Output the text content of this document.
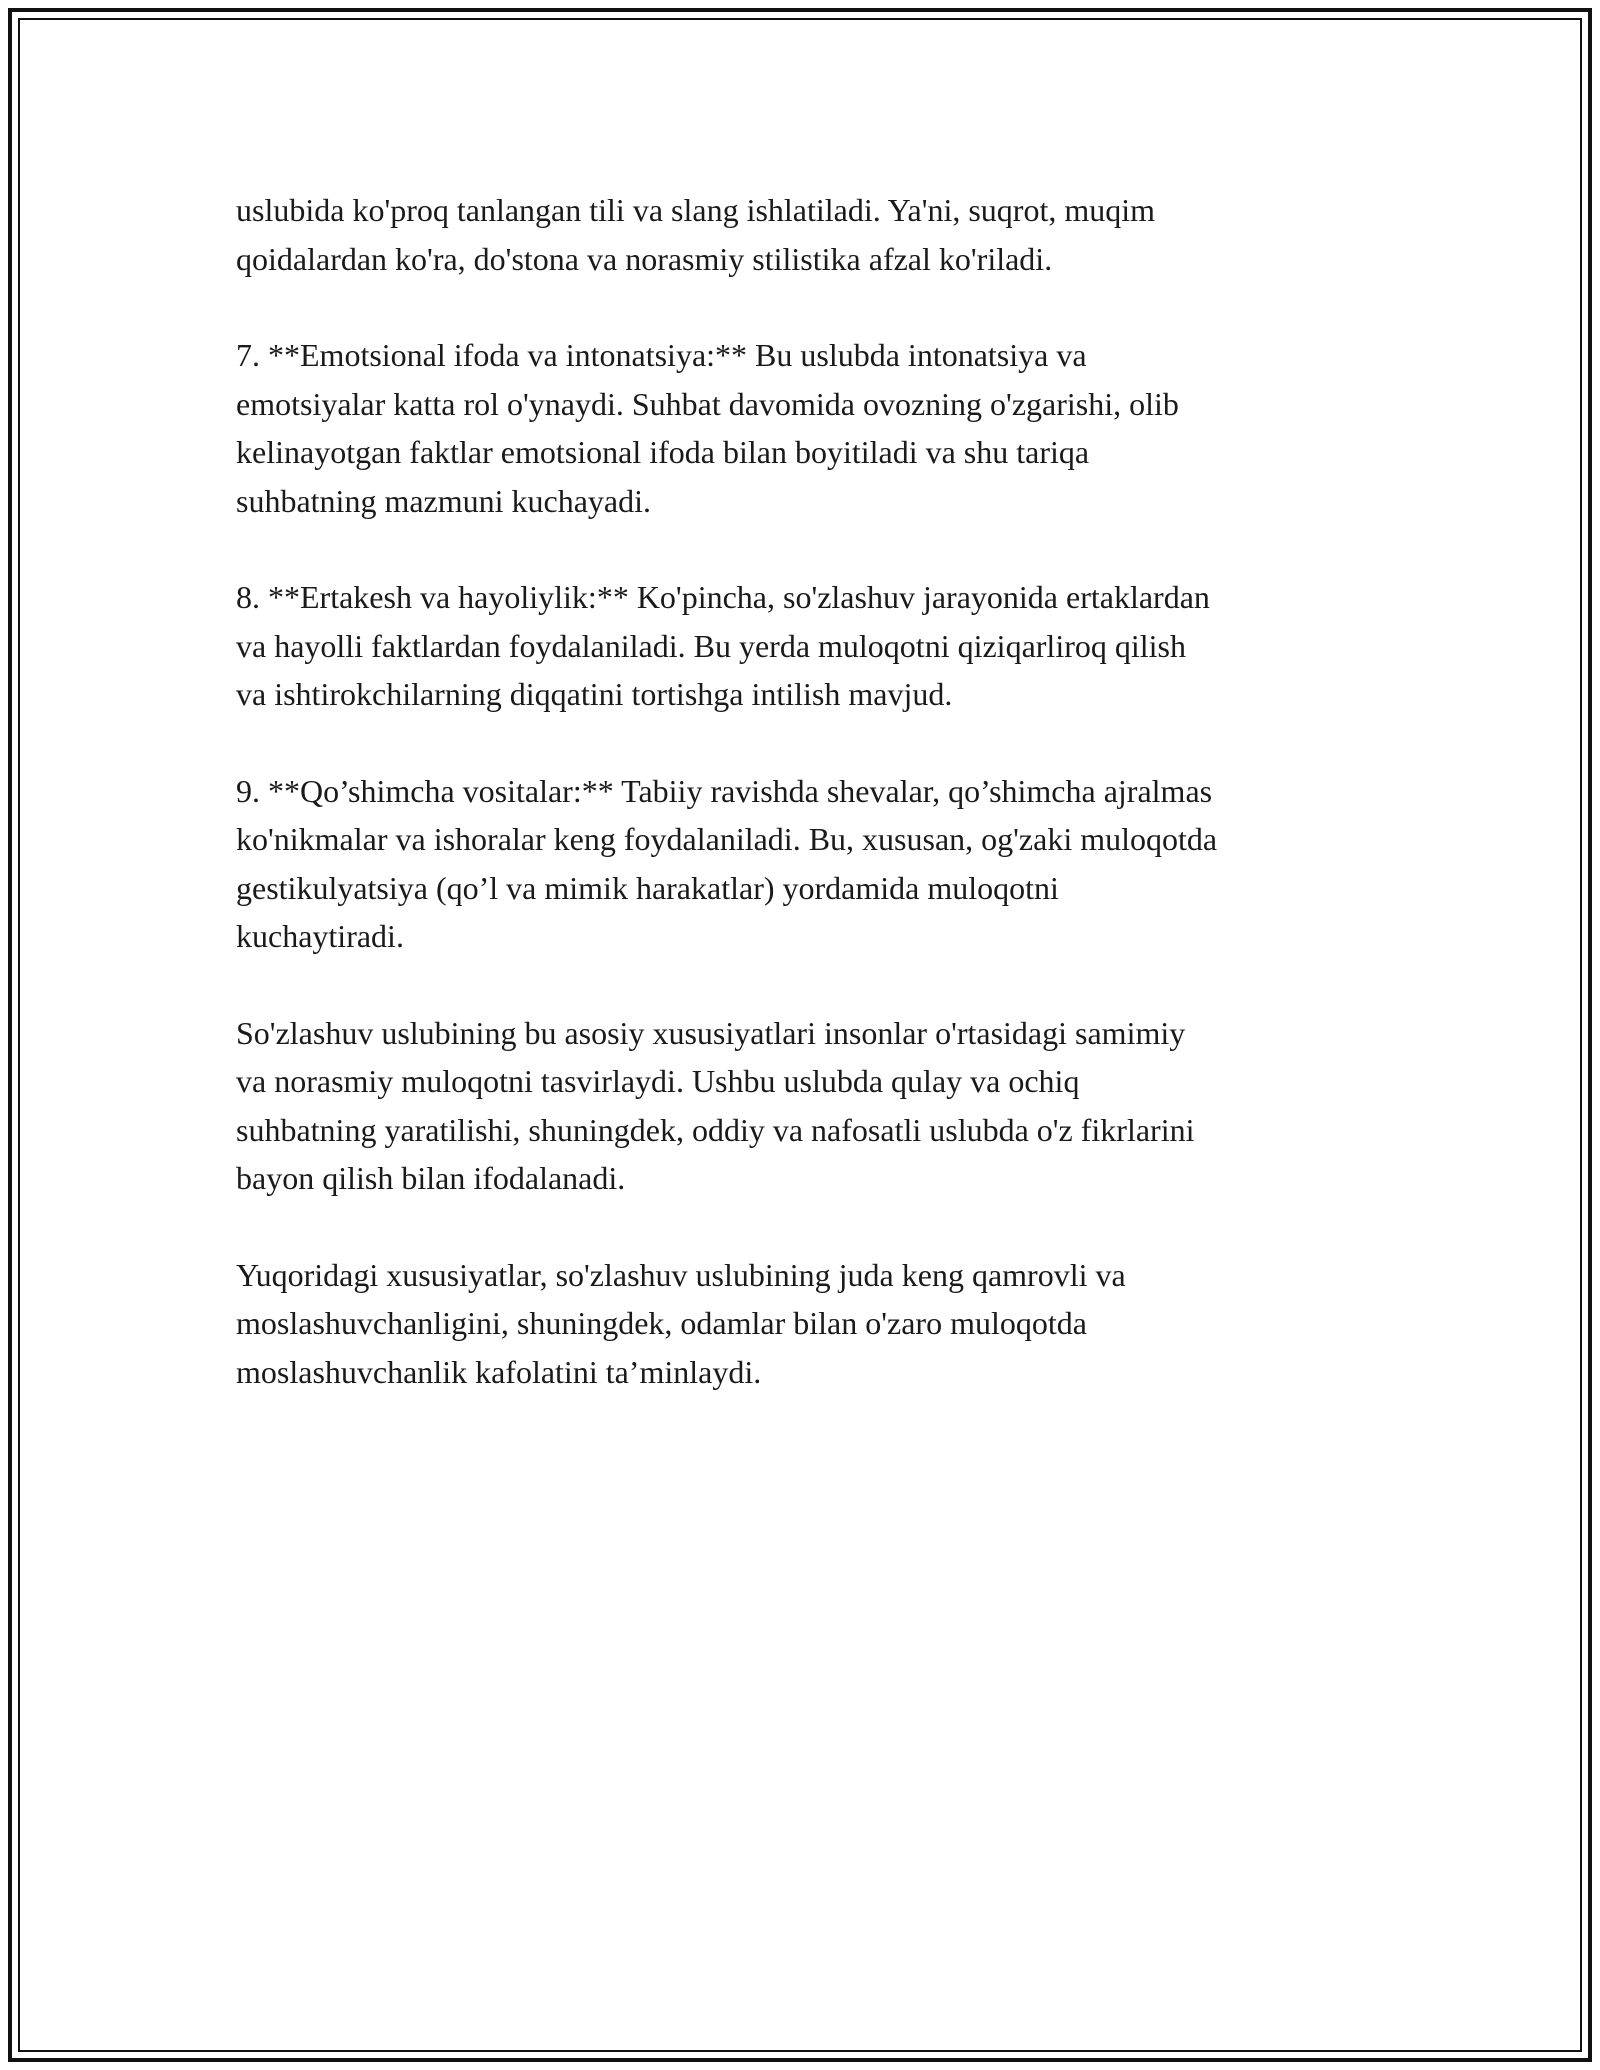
uslubida ko'proq tanlangan tili va slang ishlatiladi. Ya'ni, suqrot, muqim
qoidalardan ko'ra, do'stona va norasmiy stilistika afzal ko'riladi.

7. **Emotsional ifoda va intonatsiya:** Bu uslubda intonatsiya va
emotsiyalar katta rol o'ynaydi. Suhbat davomida ovozning o'zgarishi, olib
kelinayotgan faktlar emotsional ifoda bilan boyitiladi va shu tariqa
suhbatning mazmuni kuchayadi.

8. **Ertakesh va hayoliylik:** Ko'pincha, so'zlashuv jarayonida ertaklardan
va hayolli faktlardan foydalaniladi. Bu yerda muloqotni qiziqarliroq qilish
va ishtirokchilarning diqqatini tortishga intilish mavjud.

9. **Qo’shimcha vositalar:** Tabiiy ravishda shevalar, qo’shimcha ajralmas
ko'nikmalar va ishoralar keng foydalaniladi. Bu, xususan, og'zaki muloqotda
gestikulyatsiya (qo’l va mimik harakatlar) yordamida muloqotni
kuchaytiradi.

So'zlashuv uslubining bu asosiy xususiyatlari insonlar o'rtasidagi samimiy
va norasmiy muloqotni tasvirlaydi. Ushbu uslubda qulay va ochiq
suhbatning yaratilishi, shuningdek, oddiy va nafosatli uslubda o'z fikrlarini
bayon qilish bilan ifodalanadi.

Yuqoridagi xususiyatlar, so'zlashuv uslubining juda keng qamrovli va
moslashuvchanligini, shuningdek, odamlar bilan o'zaro muloqotda
moslashuvchanlik kafolatini ta’minlaydi.
